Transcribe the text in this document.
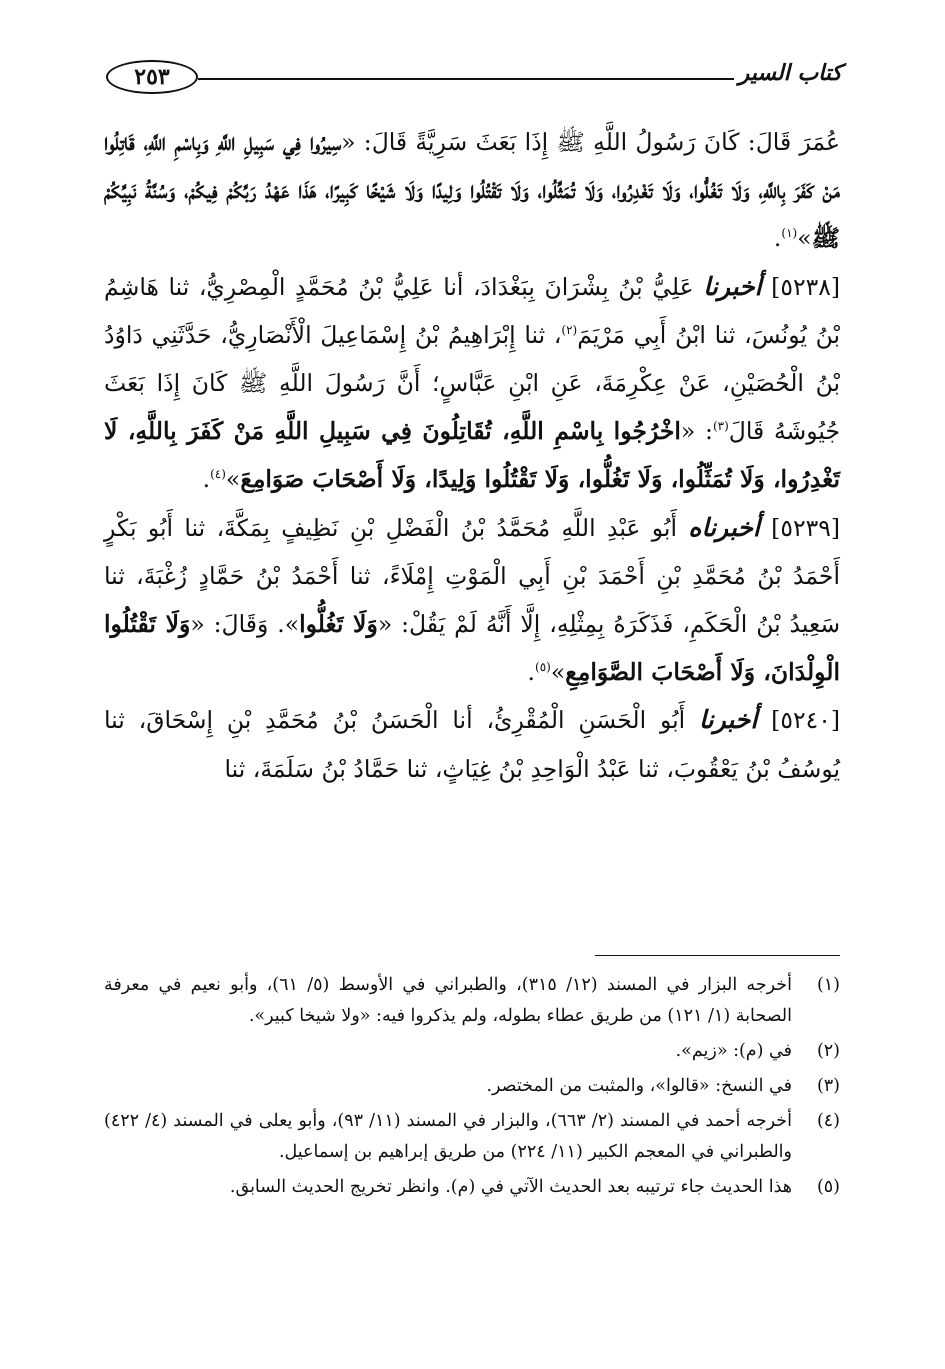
٢٥٣	كتاب السير

عُمَرَ قَالَ: كَانَ رَسُولُ اللَّهِ ﷺ إِذَا بَعَثَ سَرِيَّةً قَالَ: «سِيرُوا فِي سَبِيلِ اللَّهِ وَبِاسْمِ اللَّهِ، قَاتِلُوا مَنْ كَفَرَ بِاللَّهِ، وَلَا تَغُلُّوا، وَلَا تَغْدِرُوا، وَلَا تُمَثِّلُوا، وَلَا تَقْتُلُوا وَلِيدًا وَلَا شَيْخًا كَبِيرًا، هَذَا عَهْدُ رَبِّكُمْ فِيكُمْ، وَسُنَّةُ نَبِيِّكُمْ ﷺ»$^{(١)}$.

[٥٢٣٨] أخبرنا عَلِيُّ بْنُ بِشْرَانَ بِبَغْدَادَ، أنا عَلِيُّ بْنُ مُحَمَّدٍ الْمِصْرِيُّ، ثنا هَاشِمُ بْنُ يُونُسَ، ثنا ابْنُ أَبِي مَرْيَمَ$^{(٢)}$، ثنا إِبْرَاهِيمُ بْنُ إِسْمَاعِيلَ الْأَنْصَارِيُّ، حَدَّثَنِي دَاوُدُ بْنُ الْحُصَيْنِ، عَنْ عِكْرِمَةَ، عَنِ ابْنِ عَبَّاسٍ؛ أَنَّ رَسُولَ اللَّهِ ﷺ كَانَ إِذَا بَعَثَ جُيُوشَهُ قَالَ$^{(٣)}$: «اخْرُجُوا بِاسْمِ اللَّهِ، تُقَاتِلُونَ فِي سَبِيلِ اللَّهِ مَنْ كَفَرَ بِاللَّهِ، لَا تَغْدِرُوا، وَلَا تُمَثِّلُوا، وَلَا تَغُلُّوا، وَلَا تَقْتُلُوا وَلِيدًا، وَلَا أَصْحَابَ صَوَامِعَ»$^{(٤)}$.

[٥٢٣٩] أخبرناه أَبُو عَبْدِ اللَّهِ مُحَمَّدُ بْنُ الْفَضْلِ بْنِ نَظِيفٍ بِمَكَّةَ، ثنا أَبُو بَكْرٍ أَحْمَدُ بْنُ مُحَمَّدِ بْنِ أَحْمَدَ بْنِ أَبِي الْمَوْتِ إِمْلَاءً، ثنا أَحْمَدُ بْنُ حَمَّادٍ زُغْبَةَ، ثنا سَعِيدُ بْنُ الْحَكَمِ، فَذَكَرَهُ بِمِثْلِهِ، إِلَّا أَنَّهُ لَمْ يَقُلْ: «وَلَا تَغُلُّوا». وَقَالَ: «وَلَا تَقْتُلُوا الْوِلْدَانَ، وَلَا أَصْحَابَ الصَّوَامِعِ»$^{(٥)}$.

[٥٢٤٠] أخبرنا أَبُو الْحَسَنِ الْمُقْرِئُ، أنا الْحَسَنُ بْنُ مُحَمَّدِ بْنِ إِسْحَاقَ، ثنا يُوسُفُ بْنُ يَعْقُوبَ، ثنا عَبْدُ الْوَاحِدِ بْنُ غِيَاثٍ، ثنا حَمَّادُ بْنُ سَلَمَةَ، ثنا

(١)
أخرجه البزار في المسند (١٢/ ٣١٥)، والطبراني في الأوسط (٥/ ٦١)، وأبو نعيم في معرفة الصحابة (١/ ١٢١) من طريق عطاء بطوله، ولم يذكروا فيه: «ولا شيخا كبير».
(٢)
في (م): «زيم».
(٣)
في النسخ: «قالوا»، والمثبت من المختصر.
(٤)
أخرجه أحمد في المسند (٢/ ٦٦٣)، والبزار في المسند (١١/ ٩٣)، وأبو يعلى في المسند (٤/ ٤٢٢) والطبراني في المعجم الكبير (١١/ ٢٢٤) من طريق إبراهيم بن إسماعيل.
(٥)
هذا الحديث جاء ترتيبه بعد الحديث الآتي في (م). وانظر تخريج الحديث السابق.
